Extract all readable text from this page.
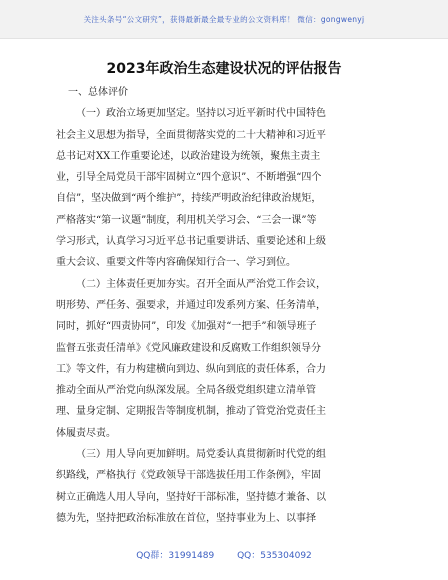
关注头条号“公文研究”，获得最新最全最专业的公文资料库！ 微信：gongwenyj
2023年政治生态建设状况的评估报告
一、总体评价
（一）政治立场更加坚定。坚持以习近平新时代中国特色
社会主义思想为指导，全面贯彻落实党的二十大精神和习近平
总书记对XX工作重要论述，以政治建设为统领，聚焦主责主
业，引导全局党员干部牢固树立“四个意识”、不断增强“四个
自信”，坚决做到“两个维护”，持续严明政治纪律政治规矩，
严格落实“第一议题”制度，利用机关学习会、“三会一课”等
学习形式，认真学习习近平总书记重要讲话、重要论述和上级
重大会议、重要文件等内容确保知行合一、学习到位。
（二）主体责任更加夯实。召开全面从严治党工作会议，
明形势、严任务、强要求，并通过印发系列方案、任务清单，
同时，抓好“四责协同”，印发《加强对“一把手”和领导班子
监督五张责任清单》《党风廉政建设和反腐败工作组织领导分
工》等文件，有力构建横向到边、纵向到底的责任体系，合力
推动全面从严治党向纵深发展。全局各级党组织建立清单管
理、量身定制、定期报告等制度机制，推动了管党治党责任主
体履责尽责。
（三）用人导向更加鲜明。局党委认真贯彻新时代党的组
织路线，严格执行《党政领导干部选拔任用工作条例》，牢固
树立正确选人用人导向，坚持好干部标准，坚持德才兼备、以
德为先，坚持把政治标准放在首位，坚持事业为上、以事择
QQ群：31991489	QQ：535304092
